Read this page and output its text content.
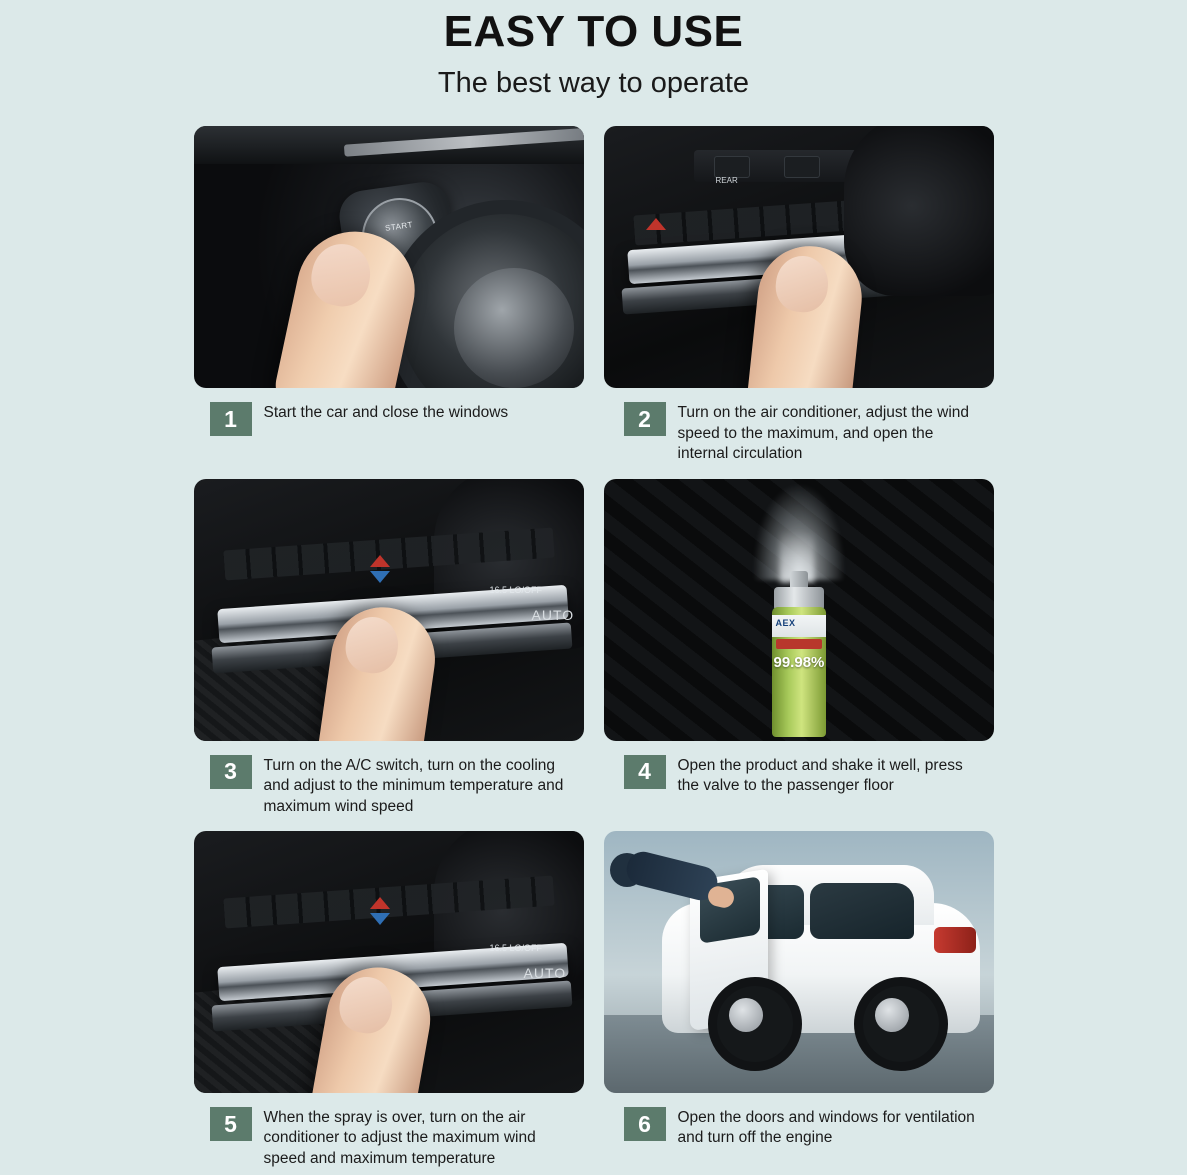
EASY TO USE
The best way to operate
START
1	Start the car and close the windows
REAR
2	Turn on the air conditioner, adjust the wind speed to the maximum, and open the internal circulation
16.5 LO/OFF
AUTO
3	Turn on the A/C switch, turn on the cooling and adjust to the minimum temperature and maximum wind speed
AEX
99.98%
4	Open the product and shake it well, press the valve to the passenger floor
16.5 LO/OFF
AUTO
5	When the spray is over, turn on the air conditioner to adjust the maximum wind speed and maximum temperature
6	Open the doors and windows for ventilation and turn off the engine
